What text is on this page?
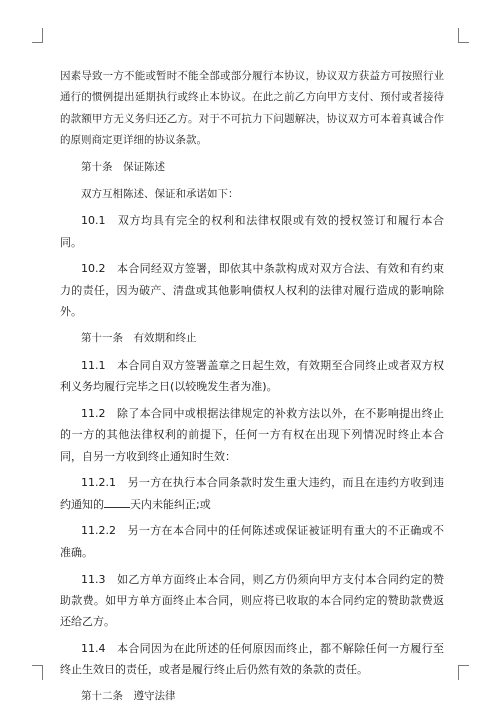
因素导致一方不能或暂时不能全部或部分履行本协议，协议双方获益方可按照行业通行的惯例提出延期执行或终止本协议。在此之前乙方向甲方支付、预付或者接待的款额甲方无义务归还乙方。对于不可抗力下问题解决，协议双方可本着真诚合作的原则商定更详细的协议条款。

第十条　保证陈述

双方互相陈述、保证和承诺如下：

10.1　双方均具有完全的权利和法律权限或有效的授权签订和履行本合同。

10.2　本合同经双方签署，即依其中条款构成对双方合法、有效和有约束力的责任，因为破产、清盘或其他影响债权人权利的法律对履行造成的影响除外。

第十一条　有效期和终止

11.1　本合同自双方签署盖章之日起生效，有效期至合同终止或者双方权利义务均履行完毕之日(以较晚发生者为准)。

11.2　除了本合同中或根据法律规定的补救方法以外，在不影响提出终止的一方的其他法律权利的前提下，任何一方有权在出现下列情况时终止本合同，自另一方收到终止通知时生效：

11.2.1　另一方在执行本合同条款时发生重大违约，而且在违约方收到违约通知的 天内未能纠正;或

11.2.2　另一方在本合同中的任何陈述或保证被证明有重大的不正确或不准确。

11.3　如乙方单方面终止本合同，则乙方仍须向甲方支付本合同约定的赞助款费。如甲方单方面终止本合同，则应将已收取的本合同约定的赞助款费返还给乙方。

11.4　本合同因为在此所述的任何原因而终止，都不解除任何一方履行至终止生效日的责任，或者是履行终止后仍然有效的条款的责任。

第十二条　遵守法律
